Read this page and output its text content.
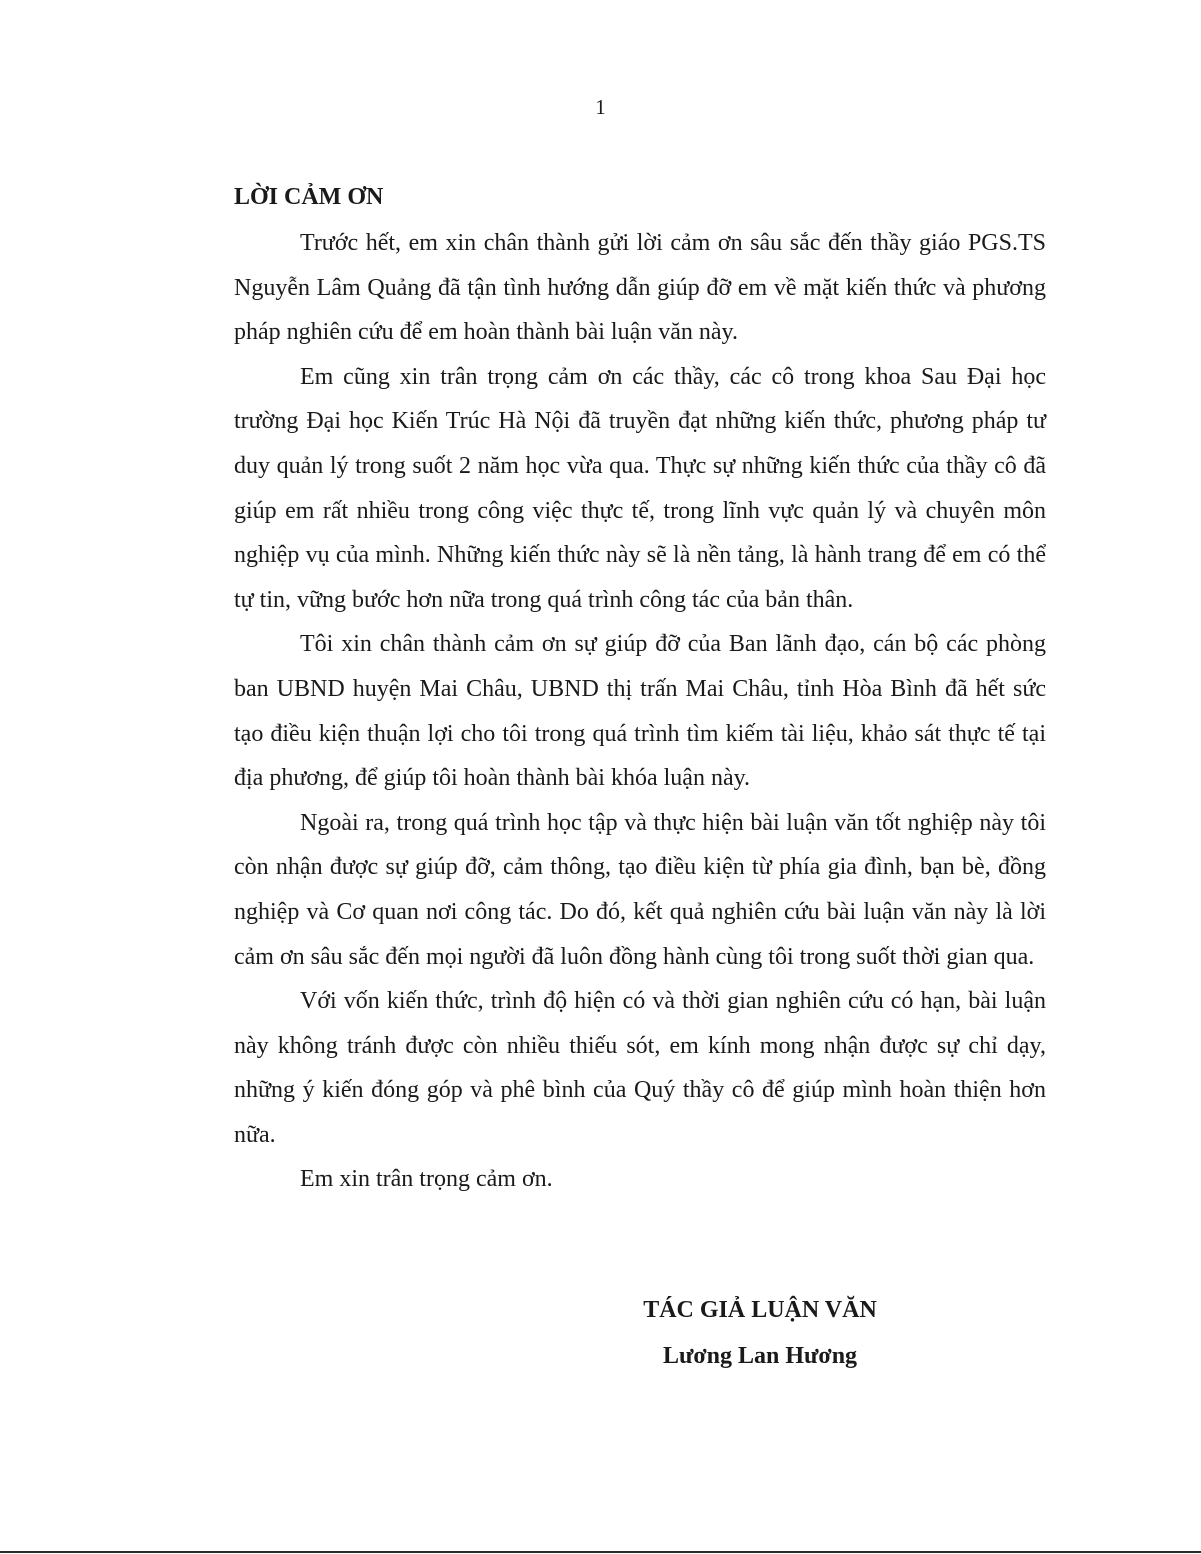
1
LỜI CẢM ƠN

Trước hết, em xin chân thành gửi lời cảm ơn sâu sắc đến thầy giáo PGS.TS Nguyễn Lâm Quảng đã tận tình hướng dẫn giúp đỡ em về mặt kiến thức và phương pháp nghiên cứu để em hoàn thành bài luận văn này.

Em cũng xin trân trọng cảm ơn các thầy, các cô trong khoa Sau Đại học trường Đại học Kiến Trúc Hà Nội đã truyền đạt những kiến thức, phương pháp tư duy quản lý trong suốt 2 năm học vừa qua. Thực sự những kiến thức của thầy cô đã giúp em rất nhiều trong công việc thực tế, trong lĩnh vực quản lý và chuyên môn nghiệp vụ của mình. Những kiến thức này sẽ là nền tảng, là hành trang để em có thể tự tin, vững bước hơn nữa trong quá trình công tác của bản thân.

Tôi xin chân thành cảm ơn sự giúp đỡ của Ban lãnh đạo, cán bộ các phòng ban UBND huyện Mai Châu, UBND thị trấn Mai Châu, tỉnh Hòa Bình đã hết sức tạo điều kiện thuận lợi cho tôi trong quá trình tìm kiếm tài liệu, khảo sát thực tế tại địa phương, để giúp tôi hoàn thành bài khóa luận này.

Ngoài ra, trong quá trình học tập và thực hiện bài luận văn tốt nghiệp này tôi còn nhận được sự giúp đỡ, cảm thông, tạo điều kiện từ phía gia đình, bạn bè, đồng nghiệp và Cơ quan nơi công tác. Do đó, kết quả nghiên cứu bài luận văn này là lời cảm ơn sâu sắc đến mọi người đã luôn đồng hành cùng tôi trong suốt thời gian qua.

Với vốn kiến thức, trình độ hiện có và thời gian nghiên cứu có hạn, bài luận này không tránh được còn nhiều thiếu sót, em kính mong nhận được sự chỉ dạy, những ý kiến đóng góp và phê bình của Quý thầy cô để giúp mình hoàn thiện hơn nữa.

Em xin trân trọng cảm ơn.

TÁC GIẢ LUẬN VĂN
Lương Lan Hương
